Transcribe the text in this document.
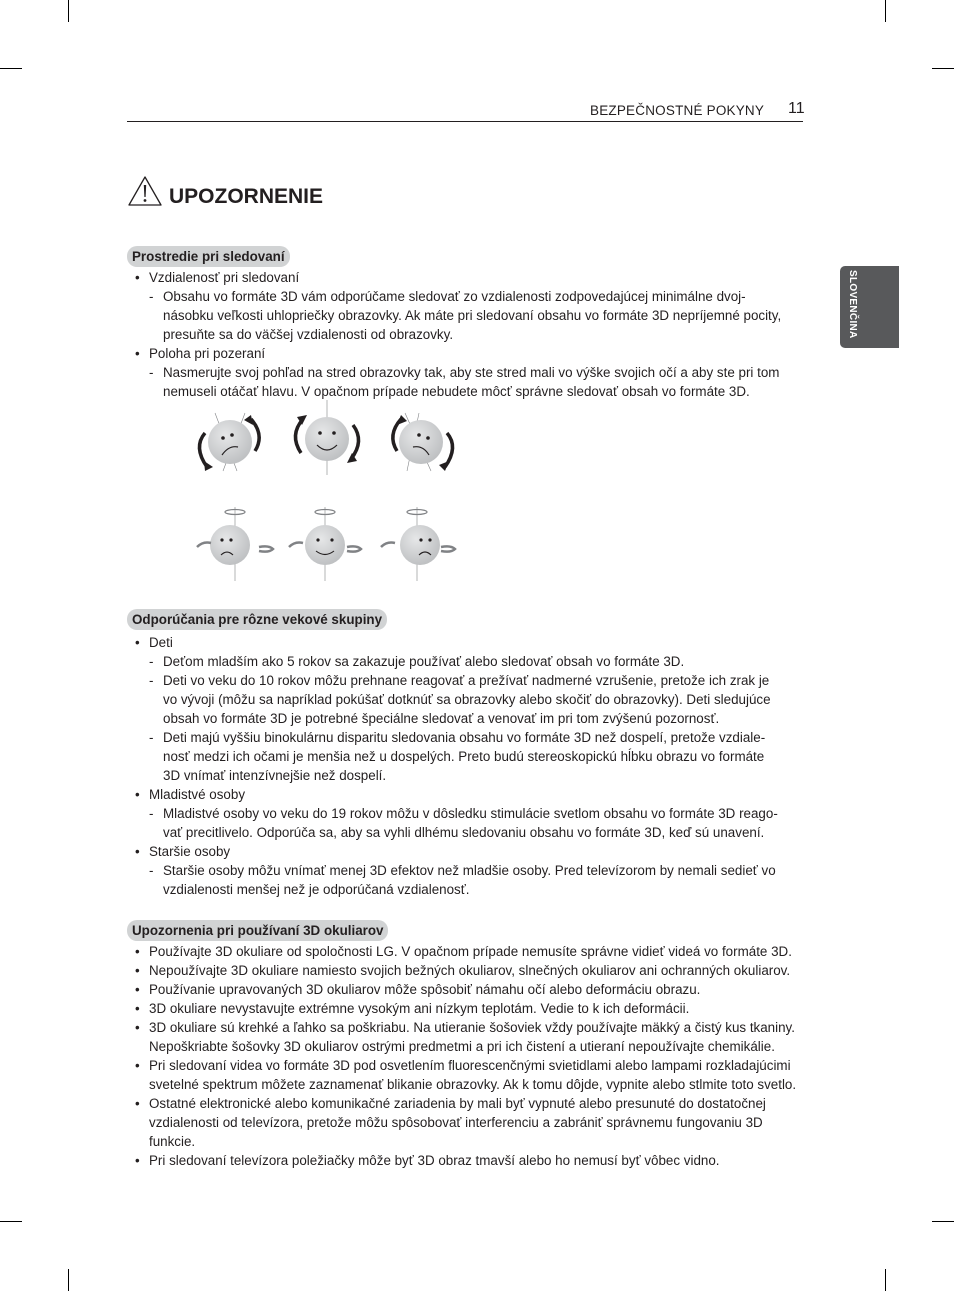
BEZPEČNOSTNÉ POKYNY 11
SLOVENČINA
UPOZORNENIE
Prostredie pri sledovaní
• Vzdialenosť pri sledovaní
- Obsahu vo formáte 3D vám odporúčame sledovať zo vzdialenosti zodpovedajúcej minimálne dvoj-násobku veľkosti uhlopriečky obrazovky. Ak máte pri sledovaní obsahu vo formáte 3D nepríjemné pocity, presuňte sa do väčšej vzdialenosti od obrazovky.
• Poloha pri pozeraní
- Nasmerujte svoj pohľad na stred obrazovky tak, aby ste stred mali vo výške svojich očí a aby ste pri tom nemuseli otáčať hlavu. V opačnom prípade nebudete môcť správne sledovať obsah vo formáte 3D.
Odporúčania pre rôzne vekové skupiny
• Deti
- Deťom mladším ako 5 rokov sa zakazuje používať alebo sledovať obsah vo formáte 3D.
- Deti vo veku do 10 rokov môžu prehnane reagovať a prežívať nadmerné vzrušenie, pretože ich zrak je vo vývoji (môžu sa napríklad pokúšať dotknúť sa obrazovky alebo skočiť do obrazovky). Deti sledujúce obsah vo formáte 3D je potrebné špeciálne sledovať a venovať im pri tom zvýšenú pozornosť.
- Deti majú vyššiu binokulárnu disparitu sledovania obsahu vo formáte 3D než dospelí, pretože vzdiale-nosť medzi ich očami je menšia než u dospelých. Preto budú stereoskopickú hĺbku obrazu vo formáte 3D vnímať intenzívnejšie než dospelí.
• Mladistvé osoby
- Mladistvé osoby vo veku do 19 rokov môžu v dôsledku stimulácie svetlom obsahu vo formáte 3D reago-vať precitlivelo. Odporúča sa, aby sa vyhli dlhému sledovaniu obsahu vo formáte 3D, keď sú unavení.
• Staršie osoby
- Staršie osoby môžu vnímať menej 3D efektov než mladšie osoby. Pred televízorom by nemali sedieť vo vzdialenosti menšej než je odporúčaná vzdialenosť.
Upozornenia pri používaní 3D okuliarov
• Používajte 3D okuliare od spoločnosti LG. V opačnom prípade nemusíte správne vidieť videá vo formáte 3D.
• Nepoužívajte 3D okuliare namiesto svojich bežných okuliarov, slnečných okuliarov ani ochranných okuliarov.
• Používanie upravovaných 3D okuliarov môže spôsobiť námahu očí alebo deformáciu obrazu.
• 3D okuliare nevystavujte extrémne vysokým ani nízkym teplotám. Vedie to k ich deformácii.
• 3D okuliare sú krehké a ľahko sa poškriabu. Na utieranie šošoviek vždy používajte mäkký a čistý kus tkaniny. Nepoškriabte šošovky 3D okuliarov ostrými predmetmi a pri ich čistení a utieraní nepoužívajte chemikálie.
• Pri sledovaní videa vo formáte 3D pod osvetlením fluorescenčnými svietidlami alebo lampami rozkladajúcimi svetelné spektrum môžete zaznamenať blikanie obrazovky. Ak k tomu dôjde, vypnite alebo stlmite toto svetlo.
• Ostatné elektronické alebo komunikačné zariadenia by mali byť vypnuté alebo presunuté do dostatočnej vzdialenosti od televízora, pretože môžu spôsobovať interferenciu a zabrániť správnemu fungovaniu 3D funkcie.
• Pri sledovaní televízora poležiačky môže byť 3D obraz tmavší alebo ho nemusí byť vôbec vidno.
